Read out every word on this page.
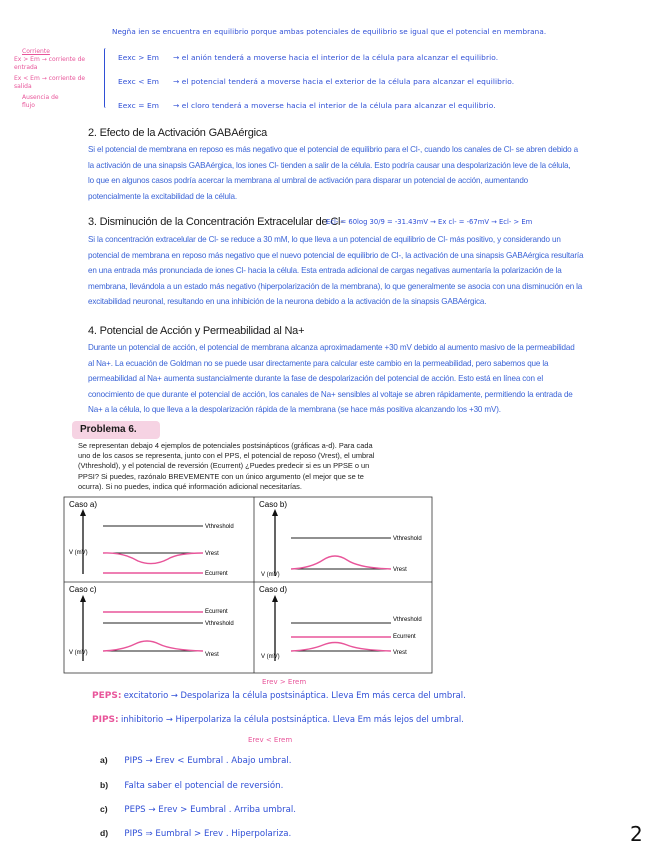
Negña ien se encuentra en equilibrio porque ambas potenciales de equilibrio se igual que el potencial en membrana.
Corriente
Ex > Em → corriente de entrada
Ex < Em → corriente de salida
Ausencia de flujo
Eexc > Em → el anión tenderá a moverse hacia el interior de la célula para alcanzar el equilibrio.
Eexc < Em → el potencial tenderá a moverse hacia el exterior de la célula para alcanzar el equilibrio.
Eexc = Em → el cloro tenderá a moverse hacia el interior de la célula para alcanzar el equilibrio.
2. Efecto de la Activación GABAérgica
Si el potencial de membrana en reposo es más negativo que el potencial de equilibrio para el Cl-, cuando los canales de Cl- se abren debido a
la activación de una sinapsis GABAérgica, los iones Cl- tienden a salir de la célula. Esto podría causar una despolarización leve de la célula,
lo que en algunos casos podría acercar la membrana al umbral de activación para disparar un potencial de acción, aumentando
potencialmente la excitabilidad de la célula.
3. Disminución de la Concentración Extracelular de Cl-
Ecl- = 60log 30/9 = -31.43mV → Ex cl- = -67mV → Ecl- > Em
Si la concentración extracelular de Cl- se reduce a 30 mM, lo que lleva a un potencial de equilibrio de Cl- más positivo, y considerando un
potencial de membrana en reposo más negativo que el nuevo potencial de equilibrio de Cl-, la activación de una sinapsis GABAérgica resultaría
en una entrada más pronunciada de iones Cl- hacia la célula. Esta entrada adicional de cargas negativas aumentaría la polarización de la
membrana, llevándola a un estado más negativo (hiperpolarización de la membrana), lo que generalmente se asocia con una disminución en la
excitabilidad neuronal, resultando en una inhibición de la neurona debido a la activación de la sinapsis GABAérgica.
4. Potencial de Acción y Permeabilidad al Na+
Durante un potencial de acción, el potencial de membrana alcanza aproximadamente +30 mV debido al aumento masivo de la permeabilidad
al Na+. La ecuación de Goldman no se puede usar directamente para calcular este cambio en la permeabilidad, pero sabemos que la
permeabilidad al Na+ aumenta sustancialmente durante la fase de despolarización del potencial de acción. Esto está en línea con el
conocimiento de que durante el potencial de acción, los canales de Na+ sensibles al voltaje se abren rápidamente, permitiendo la entrada de
Na+ a la célula, lo que lleva a la despolarización rápida de la membrana (se hace más positiva alcanzando los +30 mV).
Problema 6.
Se representan debajo 4 ejemplos de potenciales postsinápticos (gráficas a-d). Para cada
uno de los casos se representa, junto con el PPS, el potencial de reposo (Vrest), el umbral
(Vthreshold), y el potencial de reversión (Ecurrent) ¿Puedes predecir si es un PPSE o un
PPSI? Si puedes, razónalo BREVEMENTE con un único argumento (el mejor que se te
ocurra). Si no puedes, indica qué información adicional necesitarías.
Caso a)
V (mV)
Vthreshold
Vrest
Ecurrent
Caso b)
V (mV)
Vthreshold
Vrest
Caso c)
V (mV)
Ecurrent
Vthreshold
Vrest
Caso d)
V (mV)
Vthreshold
Ecurrent
Vrest
Erev > Erem
PEPS: excitatorio → Despolariza la célula postsináptica. Lleva Em más cerca del umbral.
PIPS: inhibitorio → Hiperpolariza la célula postsináptica. Lleva Em más lejos del umbral.
Erev < Erem
a) PIPS → Erev < Eumbral . Abajo umbral.
b) Falta saber el potencial de reversión.
c) PEPS → Erev > Eumbral . Arriba umbral.
d) PIPS ⇒ Eumbral > Erev . Hiperpolariza.	2
